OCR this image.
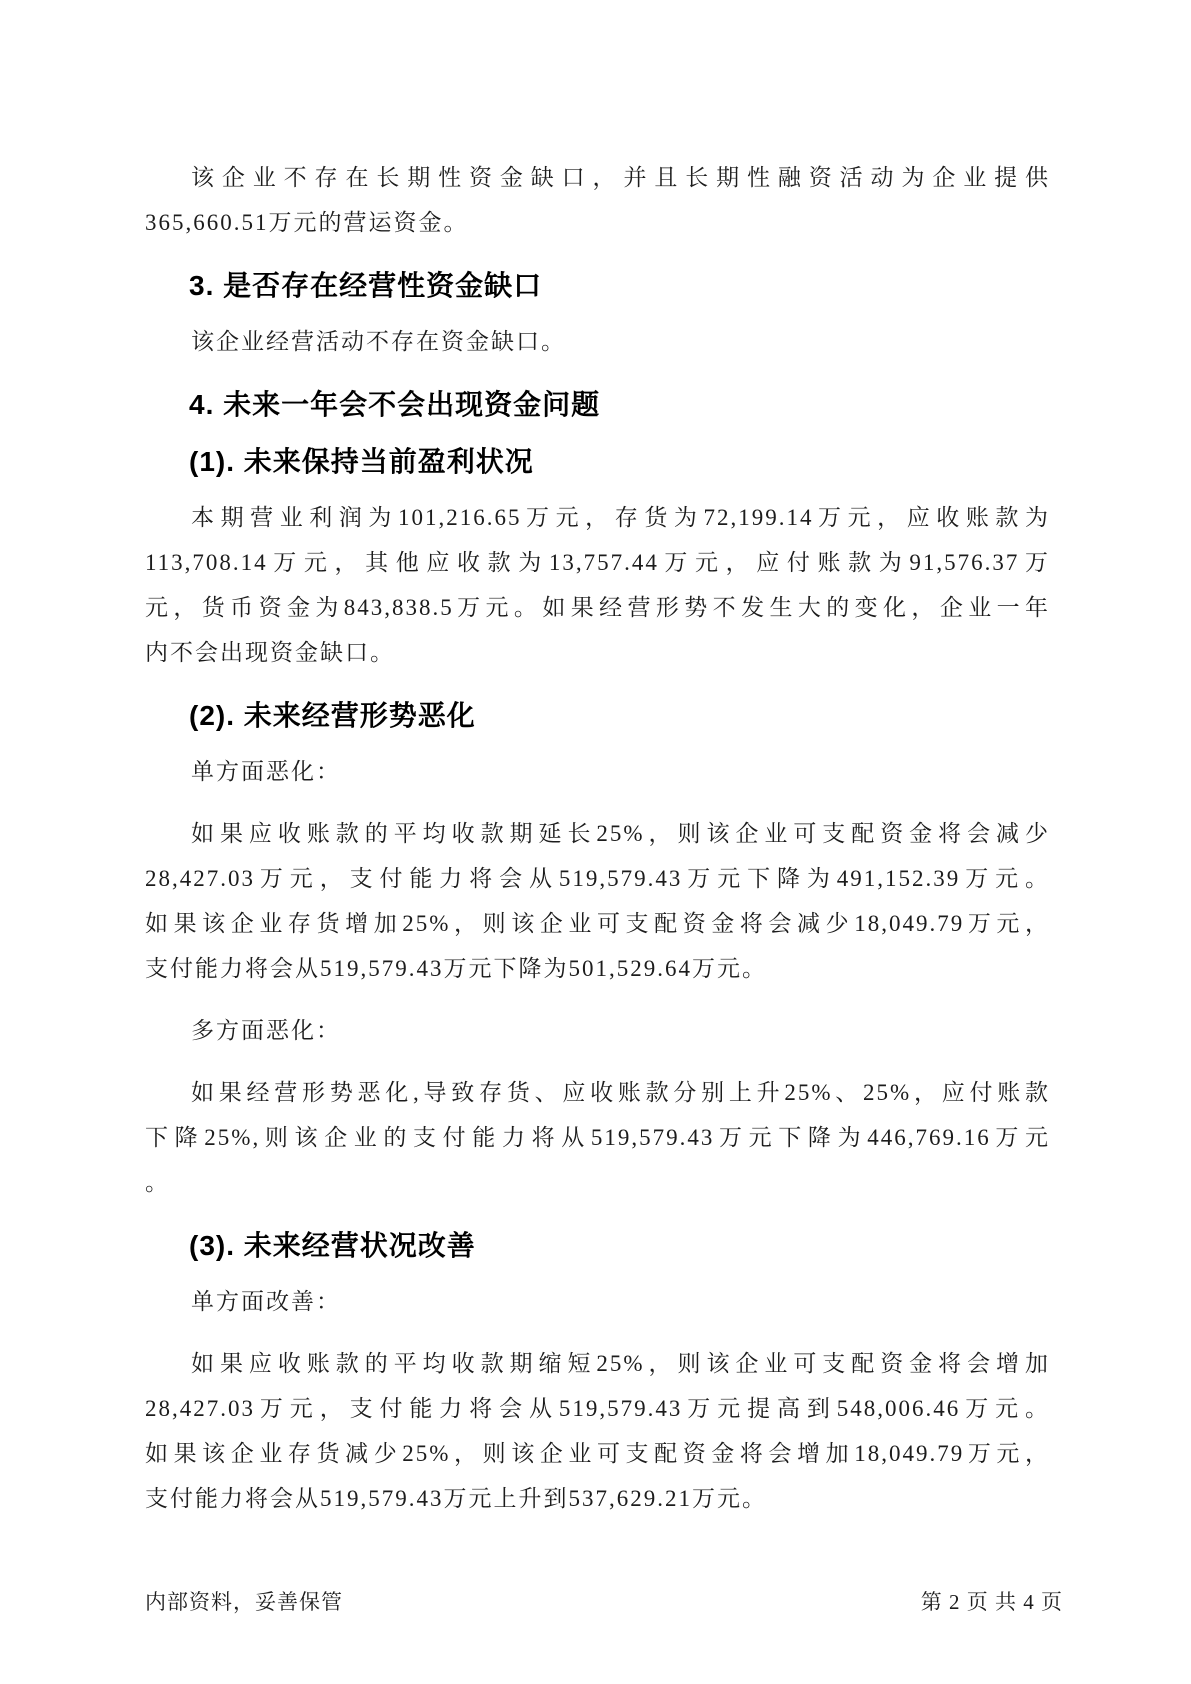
该企业不存在长期性资金缺口，并且长期性融资活动为企业提供
365,660.51万元的营运资金。

3. 是否存在经营性资金缺口

该企业经营活动不存在资金缺口。

4. 未来一年会不会出现资金问题
(1). 未来保持当前盈利状况

本期营业利润为101,216.65万元，存货为72,199.14万元，应收账款为
113,708.14万元，其他应收款为13,757.44万元，应付账款为91,576.37万
元，货币资金为843,838.5万元。如果经营形势不发生大的变化，企业一年
内不会出现资金缺口。

(2). 未来经营形势恶化

单方面恶化：

如果应收账款的平均收款期延长25%，则该企业可支配资金将会减少
28,427.03万元，支付能力将会从519,579.43万元下降为491,152.39万元。
如果该企业存货增加25%，则该企业可支配资金将会减少18,049.79万元，
支付能力将会从519,579.43万元下降为501,529.64万元。

多方面恶化：

如果经营形势恶化,导致存货、应收账款分别上升25%、25%，应付账款
下降25%,则该企业的支付能力将从519,579.43万元下降为446,769.16万元
。

(3). 未来经营状况改善

单方面改善：

如果应收账款的平均收款期缩短25%，则该企业可支配资金将会增加
28,427.03万元，支付能力将会从519,579.43万元提高到548,006.46万元。
如果该企业存货减少25%，则该企业可支配资金将会增加18,049.79万元，
支付能力将会从519,579.43万元上升到537,629.21万元。

内部资料，妥善保管	第 2 页 共 4 页
